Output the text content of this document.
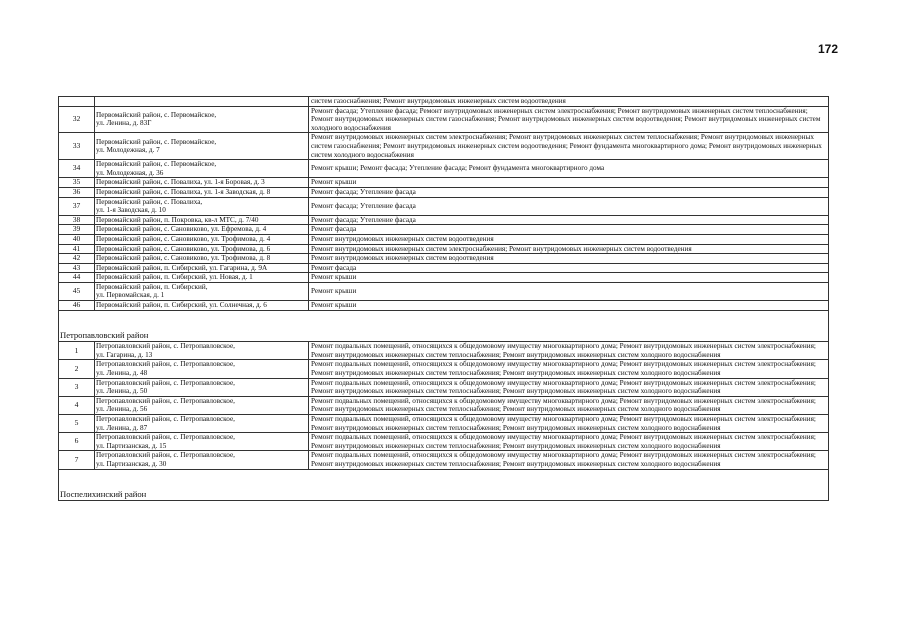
172
		систем газоснабжения; Ремонт внутридомовых инженерных систем водоотведения
32	Первомайский район, с. Первомайское,
ул. Ленина, д. 83Г	Ремонт фасада; Утепление фасада; Ремонт внутридомовых инженерных систем электроснабжения; Ремонт внутридомовых инженерных систем теплоснабжения; Ремонт внутридомовых инженерных систем газоснабжения; Ремонт внутридомовых инженерных систем водоотведения; Ремонт внутридомовых инженерных систем холодного водоснабжения
33	Первомайский район, с. Первомайское,
ул. Молодежная, д. 7	Ремонт внутридомовых инженерных систем электроснабжения; Ремонт внутридомовых инженерных систем теплоснабжения; Ремонт внутридомовых инженерных систем газоснабжения; Ремонт внутридомовых инженерных систем водоотведения; Ремонт фундамента многоквартирного дома; Ремонт внутридомовых инженерных систем холодного водоснабжения
34	Первомайский район, с. Первомайское,
ул. Молодежная, д. 36	Ремонт крыши; Ремонт фасада; Утепление фасада; Ремонт фундамента многоквартирного дома
35	Первомайский район, с. Повалиха, ул. 1-я Боровая, д. 3	Ремонт крыши
36	Первомайский район, с. Повалиха, ул. 1-я Заводская, д. 8	Ремонт фасада; Утепление фасада
37	Первомайский район, с. Повалиха,
ул. 1-я Заводская, д. 10	Ремонт фасада; Утепление фасада
38	Первомайский район, п. Покровка, кв-л МТС, д. 7/40	Ремонт фасада; Утепление фасада
39	Первомайский район, с. Сановиково, ул. Ефремова, д. 4	Ремонт фасада
40	Первомайский район, с. Сановиково, ул. Трофимова, д. 4	Ремонт внутридомовых инженерных систем водоотведения
41	Первомайский район, с. Сановиково, ул. Трофимова, д. 6	Ремонт внутридомовых инженерных систем электроснабжения; Ремонт внутридомовых инженерных систем водоотведения
42	Первомайский район, с. Сановиково, ул. Трофимова, д. 8	Ремонт внутридомовых инженерных систем водоотведения
43	Первомайский район, п. Сибирский, ул. Гагарина, д. 9А	Ремонт фасада
44	Первомайский район, п. Сибирский, ул. Новая, д. 1	Ремонт крыши
45	Первомайский район, п. Сибирский,
ул. Первомайская, д. 1	Ремонт крыши
46	Первомайский район, п. Сибирский, ул. Солнечная, д. 6	Ремонт крыши

Петропавловский район		
1	Петропавловский район, с. Петропавловское,
ул. Гагарина, д. 13	Ремонт подвальных помещений, относящихся к общедомовому имуществу многоквартирного дома; Ремонт внутридомовых инженерных систем электроснабжения; Ремонт внутридомовых инженерных систем теплоснабжения; Ремонт внутридомовых инженерных систем холодного водоснабжения
2	Петропавловский район, с. Петропавловское,
ул. Ленина, д. 48	Ремонт подвальных помещений, относящихся к общедомовому имуществу многоквартирного дома; Ремонт внутридомовых инженерных систем электроснабжения; Ремонт внутридомовых инженерных систем теплоснабжения; Ремонт внутридомовых инженерных систем холодного водоснабжения
3	Петропавловский район, с. Петропавловское,
ул. Ленина, д. 50	Ремонт подвальных помещений, относящихся к общедомовому имуществу многоквартирного дома; Ремонт внутридомовых инженерных систем электроснабжения; Ремонт внутридомовых инженерных систем теплоснабжения; Ремонт внутридомовых инженерных систем холодного водоснабжения
4	Петропавловский район, с. Петропавловское,
ул. Ленина, д. 56	Ремонт подвальных помещений, относящихся к общедомовому имуществу многоквартирного дома; Ремонт внутридомовых инженерных систем электроснабжения; Ремонт внутридомовых инженерных систем теплоснабжения; Ремонт внутридомовых инженерных систем холодного водоснабжения
5	Петропавловский район, с. Петропавловское,
ул. Ленина, д. 87	Ремонт подвальных помещений, относящихся к общедомовому имуществу многоквартирного дома; Ремонт внутридомовых инженерных систем электроснабжения; Ремонт внутридомовых инженерных систем теплоснабжения; Ремонт внутридомовых инженерных систем холодного водоснабжения
6	Петропавловский район, с. Петропавловское,
ул. Партизанская, д. 15	Ремонт подвальных помещений, относящихся к общедомовому имуществу многоквартирного дома; Ремонт внутридомовых инженерных систем электроснабжения; Ремонт внутридомовых инженерных систем теплоснабжения; Ремонт внутридомовых инженерных систем холодного водоснабжения
7	Петропавловский район, с. Петропавловское,
ул. Партизанская, д. 30	Ремонт подвальных помещений, относящихся к общедомовому имуществу многоквартирного дома; Ремонт внутридомовых инженерных систем электроснабжения; Ремонт внутридомовых инженерных систем теплоснабжения; Ремонт внутридомовых инженерных систем холодного водоснабжения

Поспелихинский район		
